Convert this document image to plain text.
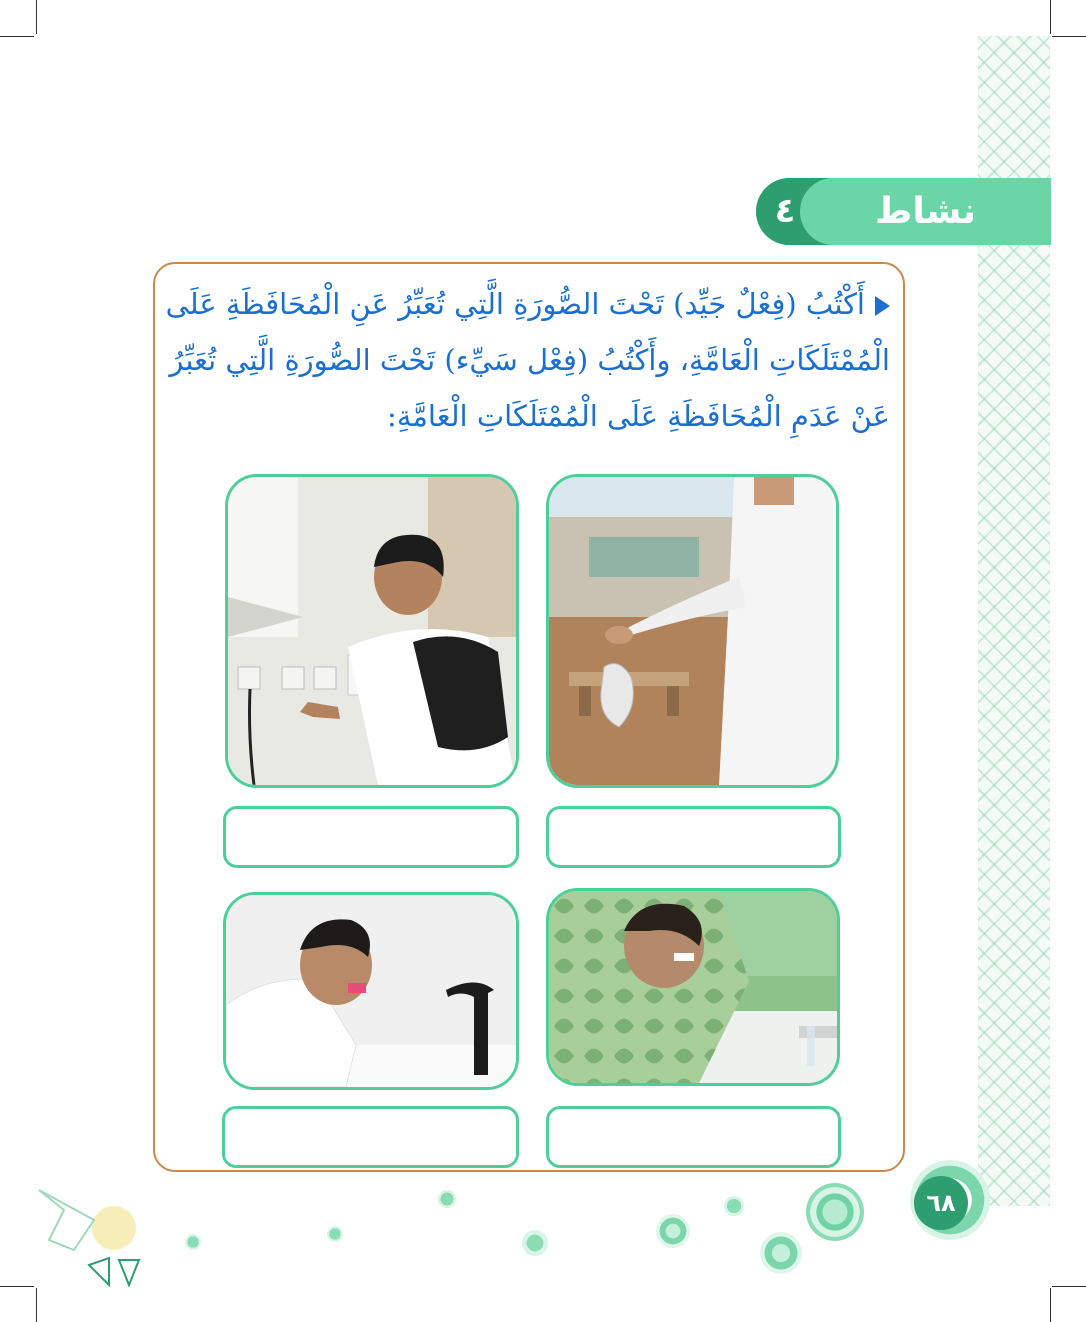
٤	نشاط
أَكْتُبُ (فِعْلٌ جَيِّد) تَحْتَ الصُّورَةِ الَّتِي تُعَبِّرُ عَنِ الْمُحَافَظَةِ عَلَى الْمُمْتَلَكَاتِ الْعَامَّةِ، وأَكْتُبُ (فِعْل سَيِّء) تَحْتَ الصُّورَةِ الَّتِي تُعَبِّرُ عَنْ عَدَمِ الْمُحَافَظَةِ عَلَى الْمُمْتَلَكَاتِ الْعَامَّةِ:
٦٨
